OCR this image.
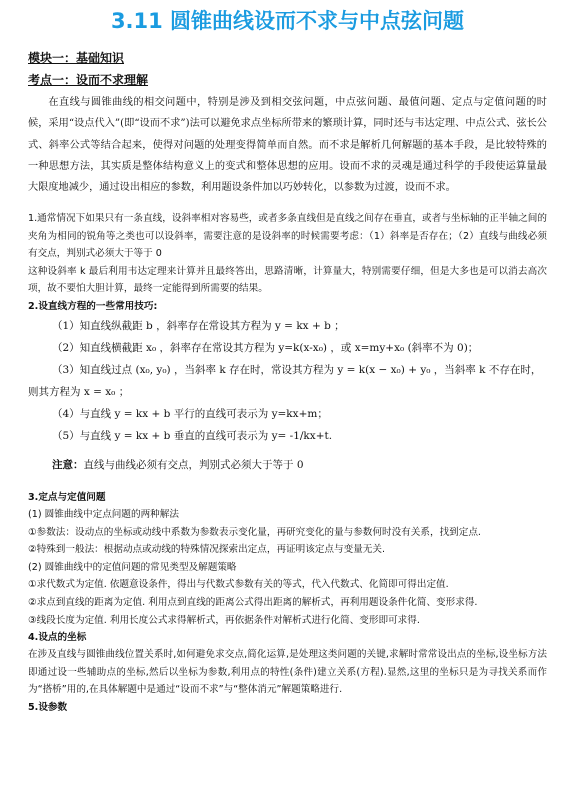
3.11 圆锥曲线设而不求与中点弦问题
模块一：基础知识
考点一：设而不求理解

在直线与圆锥曲线的相交问题中，特别是涉及到相交弦问题，中点弦问题、最值问题、定点与定值问题的时候，采用“设点代入”(即“设而不求”)法可以避免求点坐标所带来的繁琐计算，同时还与韦达定理、中点公式、弦长公式、斜率公式等结合起来，使得对问题的处理变得简单而自然。而不求是解析几何解题的基本手段，是比较特殊的一种思想方法，其实质是整体结构意义上的变式和整体思想的应用。设而不求的灵魂是通过科学的手段使运算量最大限度地减少，通过设出相应的参数，利用题设条件加以巧妙转化，以参数为过渡，设而不求。

1.通常情况下如果只有一条直线，设斜率相对容易些，或者多条直线但是直线之间存在垂直，或者与坐标轴的正半轴之间的夹角为相同的锐角等之类也可以设斜率，需要注意的是设斜率的时候需要考虑：（1）斜率是否存在；（2）直线与曲线必须有交点，判别式必须大于等于 0

这种设斜率 k 最后利用韦达定理来计算并且最终答出，思路清晰，计算量大，特别需要仔细，但是大多也是可以消去高次项，故不要怕大胆计算，最终一定能得到所需要的结果。

2.设直线方程的一些常用技巧:

（1）知直线纵截距 b ，斜率存在常设其方程为 y = kx + b ；

（2）知直线横截距 x₀ ，斜率存在常设其方程为 y=k(x-x₀) ，或 x=my+x₀ (斜率不为 0)；

（3）知直线过点 (x₀, y₀) ，当斜率 k 存在时，常设其方程为 y = k(x − x₀) + y₀ ，当斜率 k 不存在时，则其方程为 x = x₀ ；

（4）与直线 y = kx + b 平行的直线可表示为 y=kx+m；

（5）与直线 y = kx + b 垂直的直线可表示为 y= -1/kx+t.

注意：直线与曲线必须有交点，判别式必须大于等于 0

3.定点与定值问题

(1) 圆锥曲线中定点问题的两种解法

①参数法：设动点的坐标或动线中系数为参数表示变化量，再研究变化的量与参数何时没有关系，找到定点.

②特殊到一般法：根据动点或动线的特殊情况探索出定点，再证明该定点与变量无关.

(2) 圆锥曲线中的定值问题的常见类型及解题策略

①求代数式为定值. 依题意设条件，得出与代数式参数有关的等式，代入代数式、化简即可得出定值.

②求点到直线的距离为定值. 利用点到直线的距离公式得出距离的解析式，再利用题设条件化简、变形求得.

③线段长度为定值. 利用长度公式求得解析式，再依据条件对解析式进行化简、变形即可求得.

4.设点的坐标

在涉及直线与圆锥曲线位置关系时,如何避免求交点,简化运算,是处理这类问题的关键,求解时常常设出点的坐标,设坐标方法即通过设一些辅助点的坐标,然后以坐标为参数,利用点的特性(条件)建立关系(方程).显然,这里的坐标只是为寻找关系而作为“搭桥”用的,在具体解题中是通过“设而不求”与“整体消元”解题策略进行.

5.设参数
